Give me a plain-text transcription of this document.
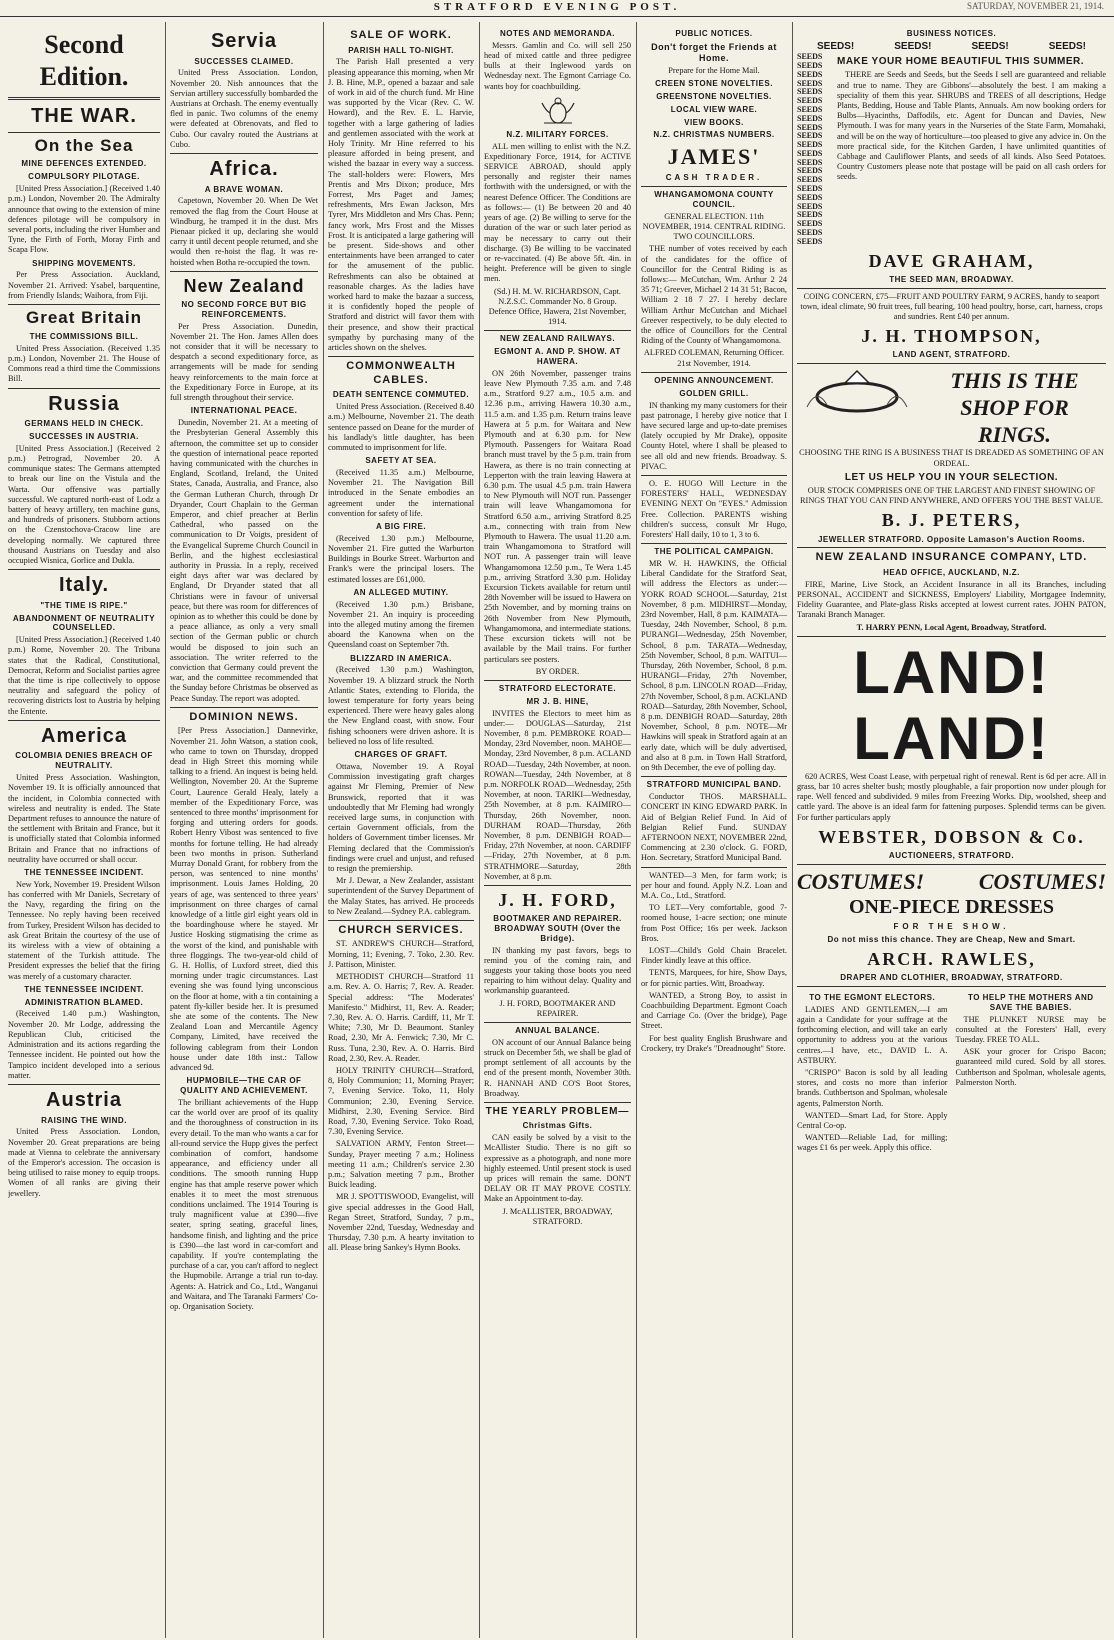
STRATFORD EVENING POST.	SATURDAY, NOVEMBER 21, 1914.
Second Edition.
THE WAR.
On the Sea
MINE DEFENCES EXTENDED.
COMPULSORY PILOTAGE.

[United Press Association.] (Received 1.40 p.m.) London, November 20. The Admiralty announce that owing to the extension of mine defences pilotage will be compulsory in several ports, including the river Humber and Tyne, the Firth of Forth, Moray Firth and Scapa Flow.

SHIPPING MOVEMENTS.

Per Press Association. Auckland, November 21. Arrived: Ysabel, barquentine, from Friendly Islands; Waihora, from Fiji.

Great Britain
THE COMMISSIONS BILL.

United Press Association. (Received 1.35 p.m.) London, November 21. The House of Commons read a third time the Commissions Bill.

Russia
GERMANS HELD IN CHECK.
SUCCESSES IN AUSTRIA.

[United Press Association.] (Received 2 p.m.) Petrograd, November 20. A communique states: The Germans attempted to break our line on the Vistula and the Warta. Our offensive was partially successful. We captured north-east of Lodz a battery of heavy artillery, ten machine guns, and hundreds of prisoners. Stubborn actions on the Czenstochova-Cracow line are developing normally. We captured three thousand Austrians on Tuesday and also occupied Wisnica, Gorlice and Dukla.

Italy.
"THE TIME IS RIPE."
ABANDONMENT OF NEUTRALITY COUNSELLED.

[United Press Association.] (Received 1.40 p.m.) Rome, November 20. The Tribuna states that the Radical, Constitutional, Democrat, Reform and Socialist parties agree that the time is ripe collectively to oppose neutrality and safeguard the policy of recovering districts lost to Austria by helping the Entente.

America
COLOMBIA DENIES BREACH OF NEUTRALITY.

United Press Association. Washington, November 19. It is officially announced that the incident, in Colombia connected with wireless and neutrality is ended. The State Department refuses to announce the nature of the settlement with Britain and France, but it is unofficially stated that Colombia informed Britain and France that no infractions of neutrality have occurred or shall occur.

THE TENNESSEE INCIDENT.

New York, November 19. President Wilson has conferred with Mr Daniels, Secretary of the Navy, regarding the firing on the Tennessee. No reply having been received from Turkey, President Wilson has decided to ask Great Britain the courtesy of the use of its wireless with a view of obtaining a statement of the Turkish attitude. The President expresses the belief that the firing was merely of a customary character.

THE TENNESSEE INCIDENT.
ADMINISTRATION BLAMED.

(Received 1.40 p.m.) Washington, November 20. Mr Lodge, addressing the Republican Club, criticised the Administration and its actions regarding the Tennessee incident. He pointed out how the Tampico incident developed into a serious matter.

Austria
RAISING THE WIND.

United Press Association. London, November 20. Great preparations are being made at Vienna to celebrate the anniversary of the Emperor's accession. The occasion is being utilised to raise money to equip troops. Women of all ranks are giving their jewellery.

Servia
SUCCESSES CLAIMED.

United Press Association. London, November 20. Nish announces that the Servian artillery successfully bombarded the Austrians at Orchash. The enemy eventually fled in panic. Two columns of the enemy were defeated at Obrenovats, and fled to Cubo. Our cavalry routed the Austrians at Cubo.

Africa.
A BRAVE WOMAN.

Capetown, November 20. When De Wet removed the flag from the Court House at Windburg, he tramped it in the dust. Mrs Pienaar picked it up, declaring she would carry it until decent people returned, and she would then re-hoist the flag. It was re-hoisted when Botha re-occupied the town.

New Zealand
NO SECOND FORCE BUT BIG REINFORCEMENTS.

Per Press Association. Dunedin, November 21. The Hon. James Allen does not consider that it will be necessary to despatch a second expeditionary force, as arrangements will be made for sending heavy reinforcements to the main force at the Expeditionary Force in Europe, at its full strength throughout their service.

INTERNATIONAL PEACE.

Dunedin, November 21. At a meeting of the Presbyterian General Assembly this afternoon, the committee set up to consider the question of international peace reported having communicated with the churches in England, Scotland, Ireland, the United States, Canada, Australia, and France, also the German Lutheran Church, through Dr Dryander, Court Chaplain to the German Emperor, and chief preacher at Berlin Cathedral, who passed on the communication to Dr Voigts, president of the Evangelical Supreme Church Council in Berlin, and the highest ecclesiastical authority in Prussia. In a reply, received eight days after war was declared by England, Dr Dryander stated that all Christians were in favour of universal peace, but there was room for differences of opinion as to whether this could be done by a peace alliance, as only a very small section of the German public or church would be disposed to join such an association. The writer referred to the conviction that Germany could prevent the war, and the committee recommended that the Sunday before Christmas be observed as Peace Sunday. The report was adopted.

DOMINION NEWS.

[Per Press Association.] Dannevirke, November 21. John Watson, a station cook, who came to town on Thursday, dropped dead in High Street this morning while talking to a friend. An inquest is being held. Wellington, November 20. At the Supreme Court, Laurence Gerald Healy, lately a member of the Expeditionary Force, was sentenced to three months' imprisonment for forging and uttering orders for goods. Robert Henry Vibost was sentenced to five months for fortune telling. He had already been two months in prison. Sutherland Murray Donald Grant, for robbery from the person, was sentenced to nine months' imprisonment. Louis James Holding, 20 years of age, was sentenced to three years' imprisonment on three charges of carnal knowledge of a little girl eight years old in the boardinghouse where he stayed. Mr Justice Hosking stigmatising the crime as the worst of the kind, and punishable with three floggings. The two-year-old child of G. H. Hollis, of Luxford street, died this morning under tragic circumstances. Last evening she was found lying unconscious on the floor at home, with a tin containing a patent fly-killer beside her. It is presumed she ate some of the contents. The New Zealand Loan and Mercantile Agency Company, Limited, have received the following cablegram from their London house under date 18th inst.: Tallow advanced 9d.

HUPMOBILE—THE CAR OF QUALITY AND ACHIEVEMENT.

The brilliant achievements of the Hupp car the world over are proof of its quality and the thoroughness of construction in its every detail. To the man who wants a car for all-round service the Hupp gives the perfect combination of comfort, handsome appearance, and efficiency under all conditions. The smooth running Hupp engine has that ample reserve power which enables it to meet the most strenuous conditions unclaimed. The 1914 Touring is truly magnificent value at £390—five seater, spring seating, graceful lines, handsome finish, and lighting and the price is £390—the last word in car-comfort and capability. If you're contemplating the purchase of a car, you can't afford to neglect the Hupmobile. Arrange a trial run to-day. Agents: A. Hatrick and Co., Ltd., Wanganui and Waitara, and The Taranaki Farmers' Co-op. Organisation Society.

SALE OF WORK.
PARISH HALL TO-NIGHT.

The Parish Hall presented a very pleasing appearance this morning, when Mr J. B. Hine, M.P., opened a bazaar and sale of work in aid of the church fund. Mr Hine was supported by the Vicar (Rev. C. W. Howard), and the Rev. E. L. Harvie, together with a large gathering of ladies and gentlemen associated with the work at Holy Trinity. Mr Hine referred to his pleasure afforded in being present, and wished the bazaar in every way a success. The stall-holders were: Flowers, Mrs Prentis and Mrs Dixon; produce, Mrs Forrest, Mrs Paget and James; refreshments, Mrs Ewan Jackson, Mrs Tyrer, Mrs Middleton and Mrs Chas. Penn; fancy work, Mrs Frost and the Misses Frost. It is anticipated a large gathering will be present. Side-shows and other entertainments have been arranged to cater for the amusement of the public. Refreshments can also be obtained at reasonable charges. As the ladies have worked hard to make the bazaar a success, it is confidently hoped the people of Stratford and district will favor them with their presence, and show their practical sympathy by purchasing many of the articles shown on the shelves.

COMMONWEALTH CABLES.
DEATH SENTENCE COMMUTED.

United Press Association. (Received 8.40 a.m.) Melbourne, November 21. The death sentence passed on Deane for the murder of his landlady's little daughter, has been commuted to imprisonment for life.

SAFETY AT SEA.

(Received 11.35 a.m.) Melbourne, November 21. The Navigation Bill introduced in the Senate embodies an agreement under the international convention for safety of life.

A BIG FIRE.

(Received 1.30 p.m.) Melbourne, November 21. Fire gutted the Warburton Buildings in Bourke Street. Warburton and Frank's were the principal losers. The estimated losses are £61,000.

AN ALLEGED MUTINY.

(Received 1.30 p.m.) Brisbane, November 21. An inquiry is proceeding into the alleged mutiny among the firemen aboard the Kanowna when on the Queensland coast on September 7th.

BLIZZARD IN AMERICA.

(Received 1.30 p.m.) Washington, November 19. A blizzard struck the North Atlantic States, extending to Florida, the lowest temperature for forty years being experienced. There were heavy gales along the New England coast, with snow. Four fishing schooners were driven ashore. It is believed no loss of life resulted.

CHARGES OF GRAFT.

Ottawa, November 19. A Royal Commission investigating graft charges against Mr Fleming, Premier of New Brunswick, reported that it was undoubtedly that Mr Fleming had wrongly received large sums, in conjunction with certain Government officials, from the holders of Government timber licenses. Mr Fleming declared that the Commission's findings were cruel and unjust, and refused to resign the premiership.

Mr J. Dewar, a New Zealander, assistant superintendent of the Survey Department of the Malay States, has arrived. He proceeds to New Zealand.—Sydney P.A. cablegram.

CHURCH SERVICES.

ST. ANDREW'S CHURCH—Stratford, Morning, 11; Evening, 7. Toko, 2.30. Rev. J. Pattison, Minister.

METHODIST CHURCH—Stratford 11 a.m. Rev. A. O. Harris; 7, Rev. A. Reader. Special address: "The Moderates' Manifesto." Midhirst, 11, Rev. A. Reader; 7.30, Rev. A. O. Harris. Cardiff, 11, Mr T. White; 7.30, Mr D. Beaumont. Stanley Road, 2.30, Mr A. Fenwick; 7.30, Mr C. Russ. Tuna, 2.30, Rev. A. O. Harris. Bird Road, 2.30, Rev. A. Reader.

HOLY TRINITY CHURCH—Stratford, 8, Holy Communion; 11, Morning Prayer; 7, Evening Service. Toko, 11, Holy Communion; 2.30, Evening Service. Midhirst, 2.30, Evening Service. Bird Road, 7.30, Evening Service. Toko Road, 7.30, Evening Service.

SALVATION ARMY, Fenton Street—Sunday, Prayer meeting 7 a.m.; Holiness meeting 11 a.m.; Children's service 2.30 p.m.; Salvation meeting 7 p.m., Brother Buick leading.

MR J. SPOTTISWOOD, Evangelist, will give special addresses in the Good Hall, Regan Street, Stratford, Sunday, 7 p.m., November 22nd, Tuesday, Wednesday and Thursday, 7.30 p.m. A hearty invitation to all. Please bring Sankey's Hymn Books.

NOTES AND MEMORANDA.

Messrs. Gamlin and Co. will sell 250 head of mixed cattle and three pedigree bulls at their Inglewood yards on Wednesday next. The Egmont Carriage Co. wants boy for coachbuilding.

N.Z. MILITARY FORCES.

ALL men willing to enlist with the N.Z. Expeditionary Force, 1914, for ACTIVE SERVICE ABROAD, should apply personally and register their names forthwith with the undersigned, or with the nearest Defence Officer. The Conditions are as follows:— (1) Be between 20 and 40 years of age. (2) Be willing to serve for the duration of the war or such later period as may be necessary to carry out their discharge. (3) Be willing to be vaccinated or re-vaccinated. (4) Be above 5ft. 4in. in height. Preference will be given to single men.

(Sd.) H. M. W. RICHARDSON, Capt. N.Z.S.C. Commander No. 8 Group. Defence Office, Hawera, 21st November, 1914.

NEW ZEALAND RAILWAYS.
EGMONT A. AND P. SHOW. AT HAWERA.

ON 26th November, passenger trains leave New Plymouth 7.35 a.m. and 7.48 a.m., Stratford 9.27 a.m., 10.5 a.m. and 12.36 p.m., arriving Hawera 10.30 a.m., 11.5 a.m. and 1.35 p.m. Return trains leave Hawera at 5 p.m. for Waitara and New Plymouth and at 6.30 p.m. for New Plymouth. Passengers for Waitara Road branch must travel by the 5 p.m. train from Hawera, as there is no train connecting at Lepperton with the train leaving Hawera at 6.30 p.m. The usual 4.5 p.m. train Hawera to New Plymouth will NOT run. Passenger train will leave Whangamomona for Stratford 6.50 a.m., arriving Stratford 8.25 a.m., connecting with train from New Plymouth to Hawera. The usual 11.20 a.m. train Whangamomona to Stratford will NOT run. A passenger train will leave Whangamomona 12.50 p.m., Te Wera 1.45 p.m., arriving Stratford 3.30 p.m. Holiday Excursion Tickets available for return until 28th November will be issued to Hawera on 25th November, and by morning trains on 26th November from New Plymouth, Whangamomona, and intermediate stations. These excursion tickets will not be available by the Mail trains. For further particulars see posters.

BY ORDER.

STRATFORD ELECTORATE.
MR J. B. HINE,

INVITES the Electors to meet him as under:— DOUGLAS—Saturday, 21st November, 8 p.m. PEMBROKE ROAD—Monday, 23rd November, noon. MAHOE—Monday, 23rd November, 8 p.m. ACLAND ROAD—Tuesday, 24th November, at noon. ROWAN—Tuesday, 24th November, at 8 p.m. NORFOLK ROAD—Wednesday, 25th November, at noon. TARIKI—Wednesday, 25th November, at 8 p.m. KAIMIRO—Thursday, 26th November, noon. DURHAM ROAD—Thursday, 26th November, 8 p.m. DENBIGH ROAD—Friday, 27th November, at noon. CARDIFF—Friday, 27th November, at 8 p.m. STRATHMORE—Saturday, 28th November, at 8 p.m.

J. H. FORD,
BOOTMAKER AND REPAIRER. BROADWAY SOUTH (Over the Bridge).

IN thanking my past favors, begs to remind you of the coming rain, and suggests your taking those boots you need repairing to him without delay. Quality and workmanship guaranteed.

J. H. FORD, BOOTMAKER AND REPAIRER.

ANNUAL BALANCE.

ON account of our Annual Balance being struck on December 5th, we shall be glad of prompt settlement of all accounts by the end of the present month, November 30th. R. HANNAH AND CO'S Boot Stores, Broadway.

THE YEARLY PROBLEM—
Christmas Gifts.

CAN easily be solved by a visit to the McAllister Studio. There is no gift so expressive as a photograph, and none more highly esteemed. Until present stock is used up prices will remain the same. DON'T DELAY OR IT MAY PROVE COSTLY. Make an Appointment to-day.

J. McALLISTER, BROADWAY, STRATFORD.

PUBLIC NOTICES.
Don't forget the Friends at Home.

Prepare for the Home Mail.

CREEN STONE NOVELTIES.
GREENSTONE NOVELTIES.
LOCAL VIEW WARE.
VIEW BOOKS.
N.Z. CHRISTMAS NUMBERS.
JAMES'
CASH TRADER.
WHANGAMOMONA COUNTY COUNCIL.

GENERAL ELECTION. 11th NOVEMBER, 1914. CENTRAL RIDING. TWO COUNCILLORS.

THE number of votes received by each of the candidates for the office of Councillor for the Central Riding is as follows:— McCutchan, Wm. Arthur 2 24 35 71; Greever, Michael 2 14 31 51; Bacon, William 2 18 7 27. I hereby declare William Arthur McCutchan and Michael Greever respectively, to be duly elected to the office of Councillors for the Central Riding of the County of Whangamomona.

ALFRED COLEMAN, Returning Officer. 21st November, 1914.

OPENING ANNOUNCEMENT.
GOLDEN GRILL.

IN thanking my many customers for their past patronage, I hereby give notice that I have secured large and up-to-date premises (lately occupied by Mr Drake), opposite County Hotel, where I shall be pleased to see all old and new friends. Broadway. S. PIVAC.

O. E. HUGO Will Lecture in the FORESTERS' HALL, WEDNESDAY EVENING NEXT On "EYES." Admission Free. Collection. PARENTS wishing children's success, consult Mr Hugo, Foresters' Hall daily, 10 to 1, 3 to 6.

THE POLITICAL CAMPAIGN.

MR W. H. HAWKINS, the Official Liberal Candidate for the Stratford Seat, will address the Electors as under:— YORK ROAD SCHOOL—Saturday, 21st November, 8 p.m. MIDHIRST—Monday, 23rd November, Hall, 8 p.m. KAIMATA—Tuesday, 24th November, School, 8 p.m. PURANGI—Wednesday, 25th November, School, 8 p.m. TARATA—Wednesday, 25th November, School, 8 p.m. WAITUI—Thursday, 26th November, School, 8 p.m. HURANGI—Friday, 27th November, School, 8 p.m. LINCOLN ROAD—Friday, 27th November, School, 8 p.m. ACKLAND ROAD—Saturday, 28th November, School, 8 p.m. DENBIGH ROAD—Saturday, 28th November, School, 8 p.m. NOTE—Mr Hawkins will speak in Stratford again at an early date, which will be duly advertised, and also at 8 p.m. in Town Hall Stratford, on 9th December, the eve of polling day.

STRATFORD MUNICIPAL BAND.

Conductor THOS. MARSHALL. CONCERT IN KING EDWARD PARK. In Aid of Belgian Relief Fund. In Aid of Belgian Relief Fund. SUNDAY AFTERNOON NEXT, NOVEMBER 22nd, Commencing at 2.30 o'clock. G. FORD, Hon. Secretary, Stratford Municipal Band.

WANTED—3 Men, for farm work; is per hour and found. Apply N.Z. Loan and M.A. Co., Ltd., Stratford.

TO LET—Very comfortable, good 7-roomed house, 1-acre section; one minute from Post Office; 16s per week. Jackson Bros.

LOST—Child's Gold Chain Bracelet. Finder kindly leave at this office.

TENTS, Marquees, for hire, Show Days, or for picnic parties. Witt, Broadway.

WANTED, a Strong Boy, to assist in Coachbuilding Department. Egmont Coach and Carriage Co. (Over the bridge), Page Street.

For best quality English Brushware and Crockery, try Drake's "Dreadnought" Store.

BUSINESS NOTICES.
SEEDS!	SEEDS!	SEEDS!	SEEDS!
SEEDS
SEEDS
SEEDS
SEEDS
SEEDS
SEEDS
SEEDS
SEEDS
SEEDS
SEEDS
SEEDS
SEEDS
SEEDS
SEEDS
SEEDS
SEEDS
SEEDS
SEEDS
SEEDS
SEEDS
SEEDS
SEEDS
MAKE YOUR HOME BEAUTIFUL THIS SUMMER.

THERE are Seeds and Seeds, but the Seeds I sell are guaranteed and reliable and true to name. They are Gibbons'—absolutely the best. I am making a speciality of them this year. SHRUBS and TREES of all descriptions, Hedge Plants, Bedding, House and Table Plants, Annuals. Am now booking orders for Bulbs—Hyacinths, Daffodils, etc. Agent for Duncan and Davies, New Plymouth. I was for many years in the Nurseries of the State Farm, Momahaki, and will be on the way of horticulture—too pleased to give any advice in. On the more practical side, for the Kitchen Garden, I have unlimited quantities of Cabbage and Cauliflower Plants, and seeds of all kinds. Also Seed Potatoes. Country Customers please note that postage will be paid on all cash orders for seeds.

DAVE GRAHAM,
THE SEED MAN, BROADWAY.

COING CONCERN, £75—FRUIT AND POULTRY FARM, 9 ACRES, handy to seaport town, ideal climate, 90 fruit trees, full bearing, 100 head poultry, horse, cart, harness, crops and sundries. Rent £40 per annum.

J. H. THOMPSON,
LAND AGENT, STRATFORD.
THIS IS THE
SHOP FOR
RINGS.

CHOOSING THE RING IS A BUSINESS THAT IS DREADED AS SOMETHING OF AN ORDEAL.

LET US HELP YOU IN YOUR SELECTION.

OUR STOCK COMPRISES ONE OF THE LARGEST AND FINEST SHOWING OF RINGS THAT YOU CAN FIND ANYWHERE, AND OFFERS YOU THE BEST VALUE.

B. J. PETERS,
JEWELLER STRATFORD. Opposite Lamason's Auction Rooms.
NEW ZEALAND INSURANCE COMPANY, LTD.
HEAD OFFICE, AUCKLAND, N.Z.

FIRE, Marine, Live Stock, an Accident Insurance in all its Branches, including PERSONAL, ACCIDENT and SICKNESS, Employers' Liability, Mortgagee Indemnity, Fidelity Guarantee, and Plate-glass Risks accepted at lowest current rates. JOHN PATON, Taranaki Branch Manager.

T. HARRY PENN, Local Agent, Broadway, Stratford.

LAND! LAND!

620 ACRES, West Coast Lease, with perpetual right of renewal. Rent is 6d per acre. All in grass, bar 10 acres shelter bush; mostly ploughable, a fair proportion now under plough for rape. Well fenced and subdivided. 9 miles from Freezing Works. Dip, woolshed, sheep and cattle yard. The above is an ideal farm for fattening purposes. Splendid terms can be given. For further particulars apply

WEBSTER, DOBSON & Co.
AUCTIONEERS, STRATFORD.
COSTUMES! COSTUMES!
ONE-PIECE DRESSES
FOR THE SHOW.
Do not miss this chance. They are Cheap, New and Smart.
ARCH. RAWLES,
DRAPER AND CLOTHIER, BROADWAY, STRATFORD.
TO THE EGMONT ELECTORS.

LADIES AND GENTLEMEN,—I am again a Candidate for your suffrage at the forthcoming election, and will take an early opportunity to address you at the various centres.—I have, etc., DAVID L. A. ASTBURY.

"CRISPO" Bacon is sold by all leading stores, and costs no more than inferior brands. Cuthbertson and Spolman, wholesale agents, Palmerston North.

WANTED—Smart Lad, for Store. Apply Central Co-op.

WANTED—Reliable Lad, for milling; wages £1 6s per week. Apply this office.

TO HELP THE MOTHERS AND SAVE THE BABIES.

THE PLUNKET NURSE may be consulted at the Foresters' Hall, every Tuesday. FREE TO ALL.

ASK your grocer for Crispo Bacon; guaranteed mild cured. Sold by all stores. Cuthbertson and Spolman, wholesale agents, Palmerston North.
